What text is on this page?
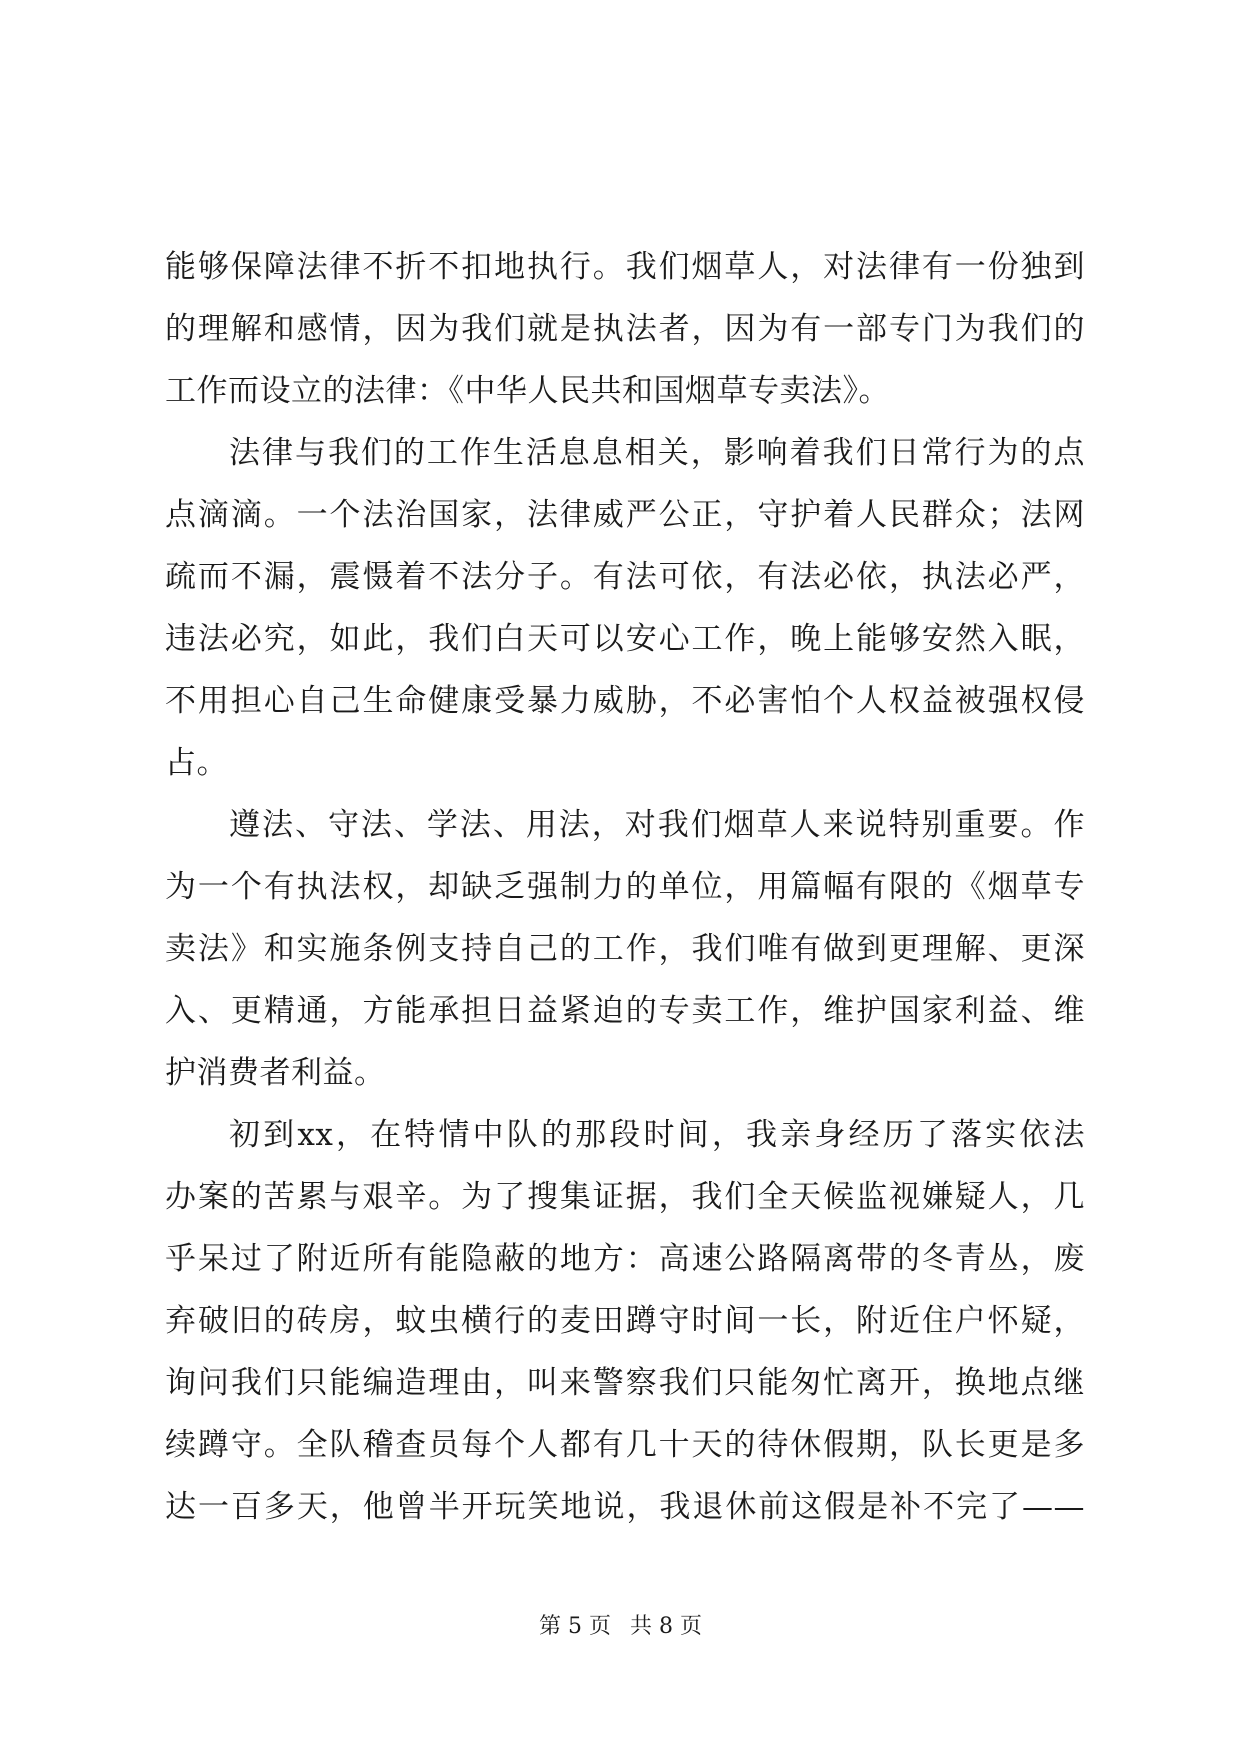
能够保障法律不折不扣地执行。我们烟草人，对法律有一份独到
的理解和感情，因为我们就是执法者，因为有一部专门为我们的
工作而设立的法律：《中华人民共和国烟草专卖法》。
法律与我们的工作生活息息相关，影响着我们日常行为的点
点滴滴。一个法治国家，法律威严公正，守护着人民群众；法网
疏而不漏，震慑着不法分子。有法可依，有法必依，执法必严，
违法必究，如此，我们白天可以安心工作，晚上能够安然入眠，
不用担心自己生命健康受暴力威胁，不必害怕个人权益被强权侵
占。
遵法、守法、学法、用法，对我们烟草人来说特别重要。作
为一个有执法权，却缺乏强制力的单位，用篇幅有限的《烟草专
卖法》和实施条例支持自己的工作，我们唯有做到更理解、更深
入、更精通，方能承担日益紧迫的专卖工作，维护国家利益、维
护消费者利益。
初到xx，在特情中队的那段时间，我亲身经历了落实依法
办案的苦累与艰辛。为了搜集证据，我们全天候监视嫌疑人，几
乎呆过了附近所有能隐蔽的地方：高速公路隔离带的冬青丛，废
弃破旧的砖房，蚊虫横行的麦田蹲守时间一长，附近住户怀疑，
询问我们只能编造理由，叫来警察我们只能匆忙离开，换地点继
续蹲守。全队稽查员每个人都有几十天的待休假期，队长更是多
达一百多天，他曾半开玩笑地说，我退休前这假是补不完了——
第 5 页 共 8 页
